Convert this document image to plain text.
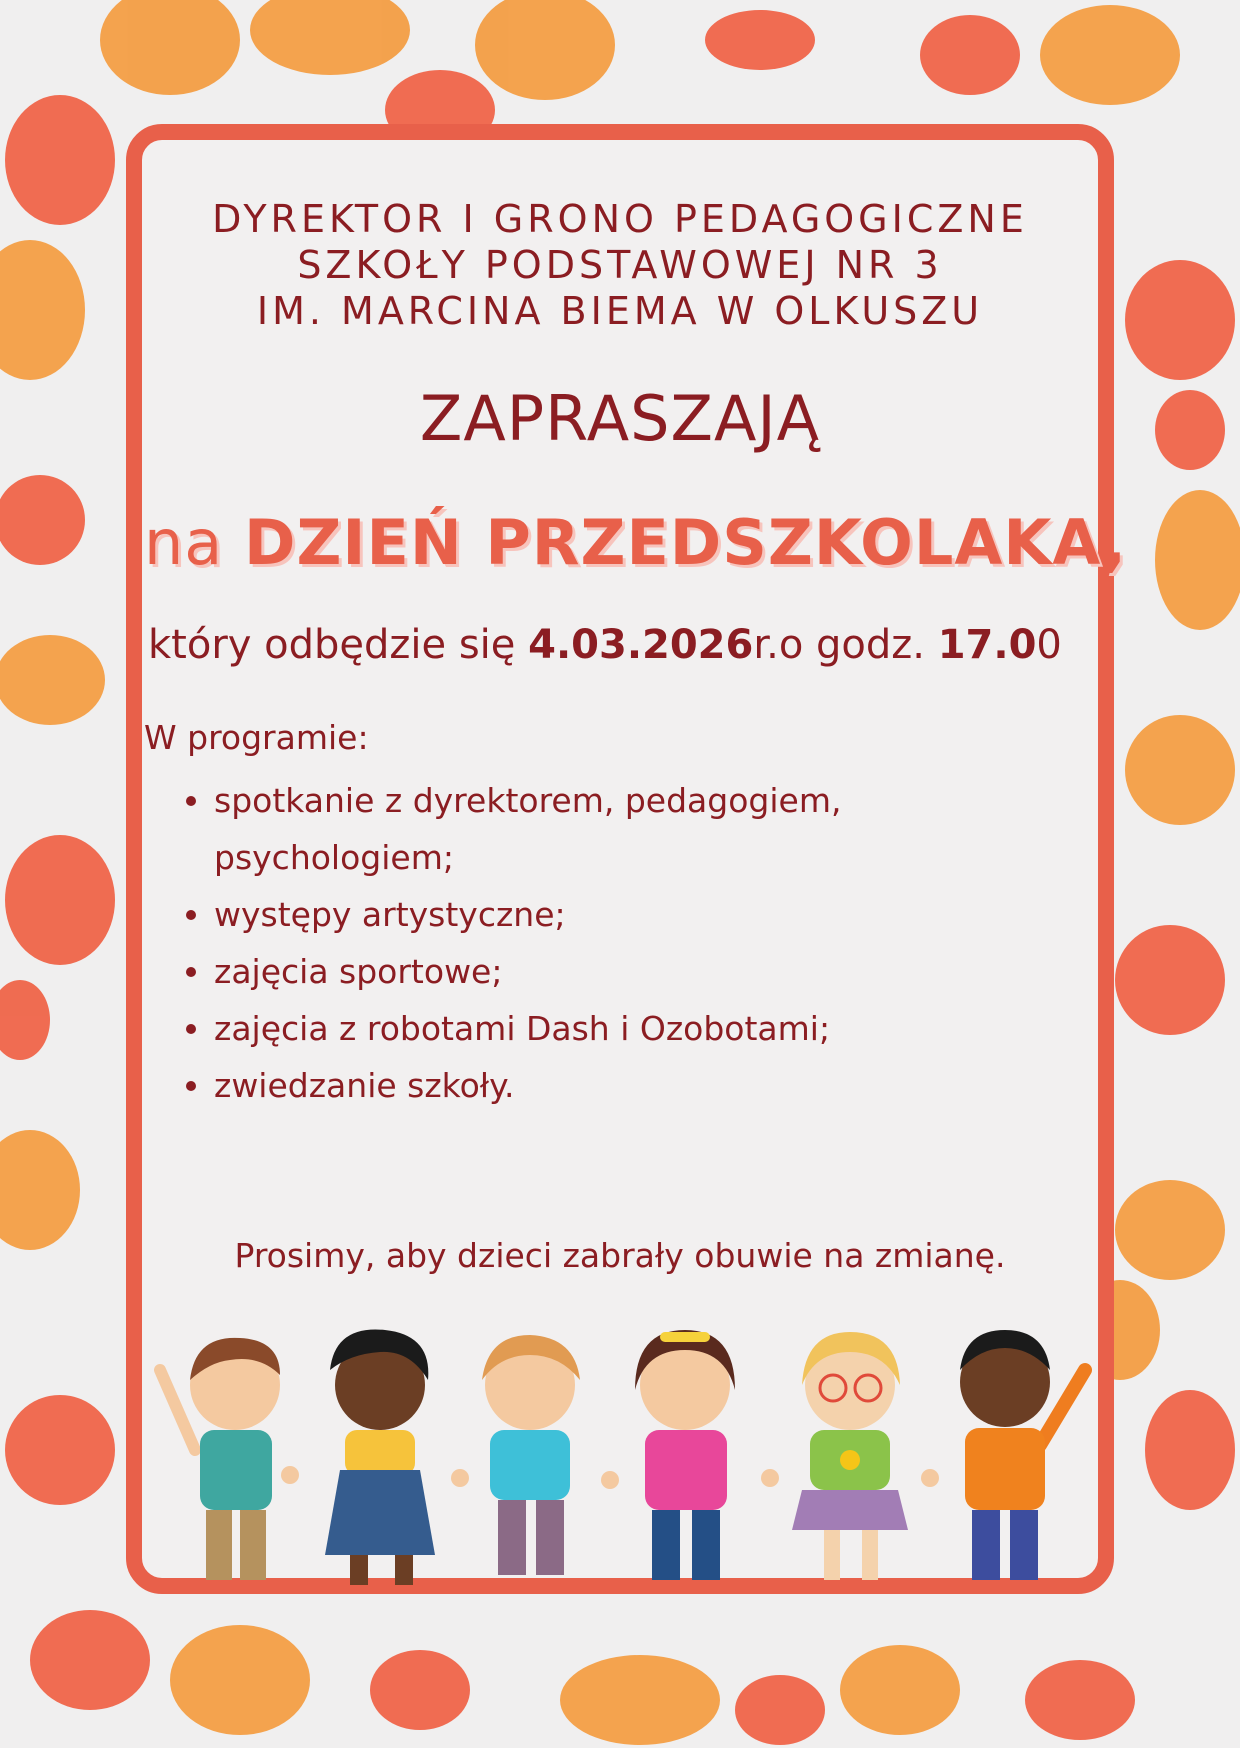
DYREKTOR I GRONO PEDAGOGICZNE
SZKOŁY PODSTAWOWEJ NR 3
IM. MARCINA BIEMA W OLKUSZU
ZAPRASZAJĄ
na DZIEŃ PRZEDSZKOLAKA,
który odbędzie się 4.03.2026r.o godz. 17.00
W programie:
spotkanie z dyrektorem, pedagogiem, psychologiem;
występy artystyczne;
zajęcia sportowe;
zajęcia z robotami Dash i Ozobotami;
zwiedzanie szkoły.
Prosimy, aby dzieci zabrały obuwie na zmianę.
